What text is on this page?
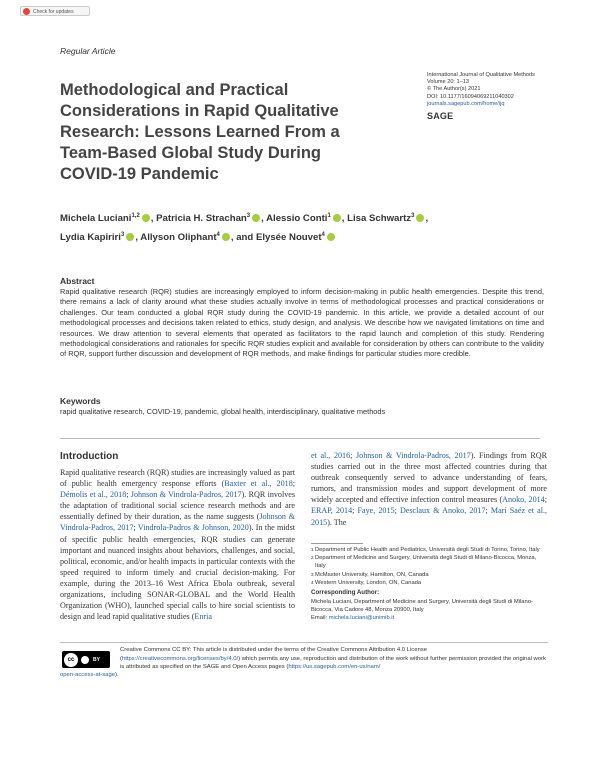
Check for updates
Regular Article
Methodological and Practical Considerations in Rapid Qualitative Research: Lessons Learned From a Team-Based Global Study During COVID-19 Pandemic
International Journal of Qualitative Methods
Volume 20: 1–13
© The Author(s) 2021
DOI: 10.1177/16094069211040302
journals.sagepub.com/home/ijq
SAGE
Michela Luciani$^{1,2}$ , Patricia H. Strachan$^3$ , Alessio Conti$^1$ , Lisa Schwartz$^3$ ,
Lydia Kapiriri$^3$ , Allyson Oliphant$^4$ , and Elysée Nouvet$^4$
Abstract
Rapid qualitative research (RQR) studies are increasingly employed to inform decision-making in public health emergencies. Despite this trend, there remains a lack of clarity around what these studies actually involve in terms of methodological processes and practical considerations or challenges. Our team conducted a global RQR study during the COVID-19 pandemic. In this article, we provide a detailed account of our methodological processes and decisions taken related to ethics, study design, and analysis. We describe how we navigated limitations on time and resources. We draw attention to several elements that operated as facilitators to the rapid launch and completion of this study. Rendering methodological considerations and rationales for specific RQR studies explicit and available for consideration by others can contribute to the validity of RQR, support further discussion and development of RQR methods, and make findings for particular studies more credible.
Keywords
rapid qualitative research, COVID-19, pandemic, global health, interdisciplinary, qualitative methods
Introduction
Rapid qualitative research (RQR) studies are increasingly valued as part of public health emergency response efforts (Baxter et al., 2018; Démolis et al., 2018; Johnson & Vindrola-Padros, 2017). RQR involves the adaptation of traditional social science research methods and are essentially defined by their duration, as the name suggests (Johnson & Vindrola-Padros, 2017; Vindrola-Padros & Johnson, 2020). In the midst of specific public health emergencies, RQR studies can generate important and nuanced insights about behaviors, challenges, and social, political, economic, and/or health impacts in particular contexts with the speed required to inform timely and crucial decision-making. For example, during the 2013–16 West Africa Ebola outbreak, several organizations, including SONAR-GLOBAL and the World Health Organization (WHO), launched special calls to hire social scientists to design and lead rapid qualitative studies (Enria
et al., 2016; Johnson & Vindrola-Padros, 2017). Findings from RQR studies carried out in the three most affected countries during that outbreak consequently served to advance understanding of fears, rumors, and transmission modes and support development of more widely accepted and effective infection control measures (Anoko, 2014; ERAP, 2014; Faye, 2015; Desclaux & Anoko, 2017; Marí Saéz et al., 2015). The
1 Department of Public Health and Pediatrics, Università degli Studi di Torino, Torino, Italy
2 Department of Medicine and Surgery, Università degli Studi di Milano-Bicocca, Monza, Italy
3 McMaster University, Hamilton, ON, Canada
4 Western University, London, ON, Canada
Corresponding Author:
Michela Luciani, Department of Medicine and Surgery, Università degli Studi di Milano-Bicocca, Via Cadore 48, Monza 20900, Italy
Email: michela.luciani@unimib.it
cc	BY
Creative Commons CC BY: This article is distributed under the terms of the Creative Commons Attribution 4.0 License (https://creativecommons.org/licenses/by/4.0/) which permits any use, reproduction and distribution of the work without further permission provided the original work is attributed as specified on the SAGE and Open Access pages (https://us.sagepub.com/en-us/nam/
open-access-at-sage).
